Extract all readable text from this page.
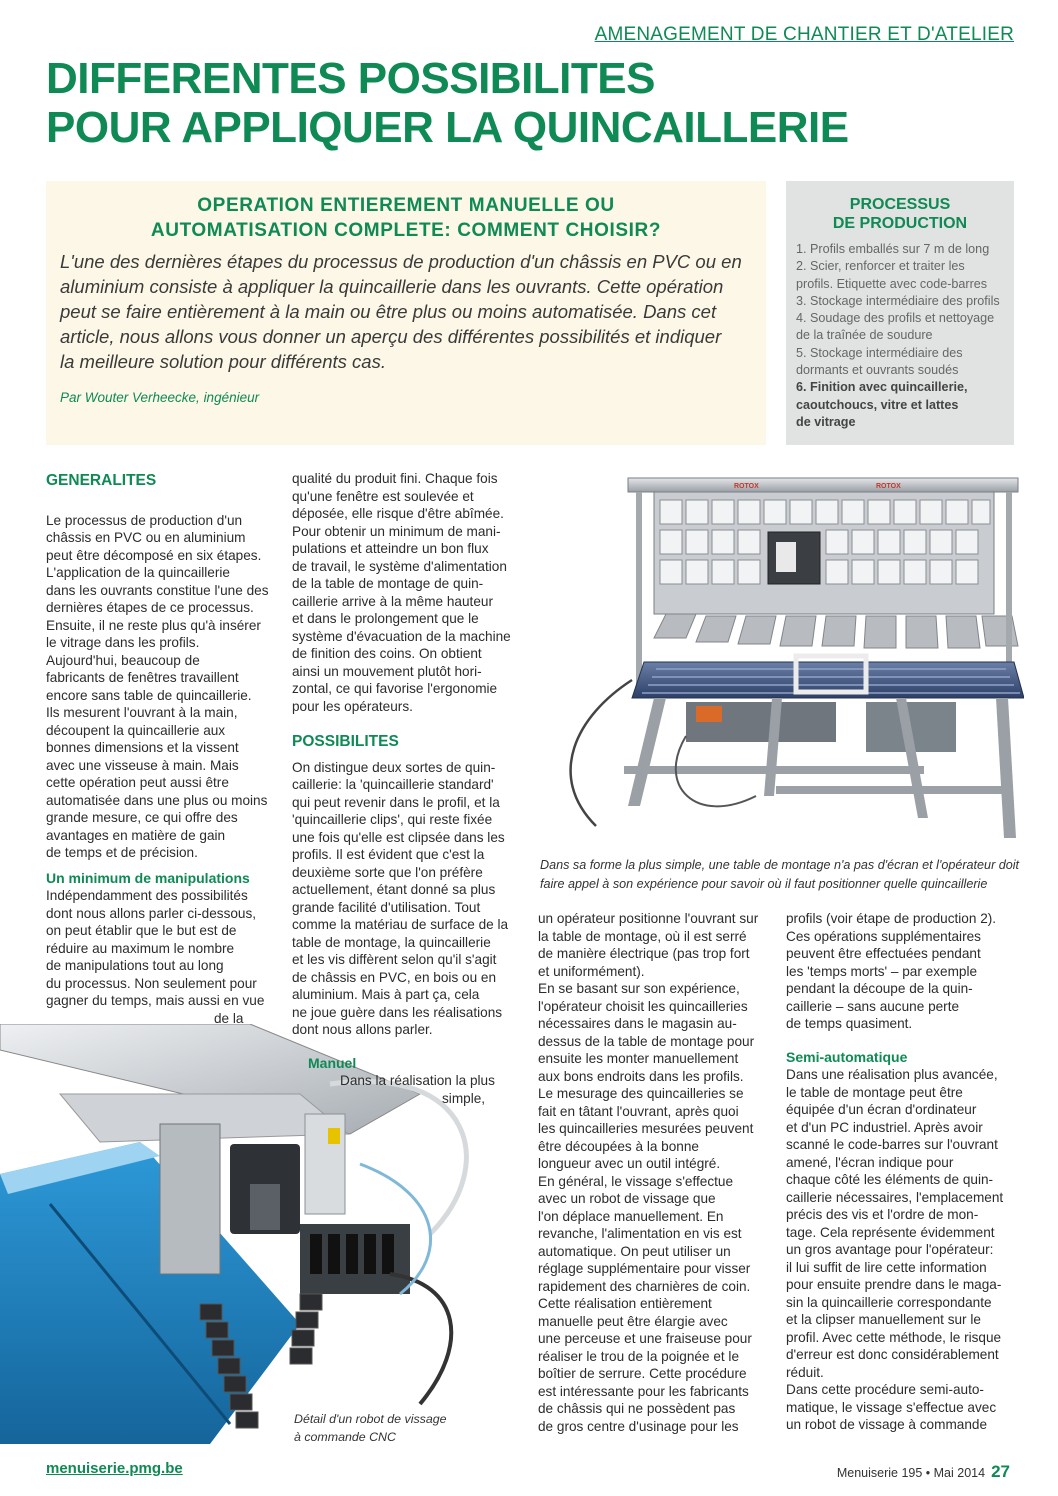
AMENAGEMENT DE CHANTIER ET D'ATELIER
DIFFERENTES POSSIBILITES
POUR APPLIQUER LA QUINCAILLERIE
OPERATION ENTIEREMENT MANUELLE OU
AUTOMATISATION COMPLETE: COMMENT CHOISIR?
L'une des dernières étapes du processus de production d'un châssis en PVC ou en
aluminium consiste à appliquer la quincaillerie dans les ouvrants. Cette opération
peut se faire entièrement à la main ou être plus ou moins automatisée. Dans cet
article, nous allons vous donner un aperçu des différentes possibilités et indiquer
la meilleure solution pour différents cas.
Par Wouter Verheecke, ingénieur
PROCESSUS
DE PRODUCTION
1. Profils emballés sur 7 m de long
2. Scier, renforcer et traiter les
profils. Etiquette avec code-barres
3. Stockage intermédiaire des profils
4. Soudage des profils et nettoyage
de la traînée de soudure
5. Stockage intermédiaire des
dormants et ouvrants soudés
6. Finition avec quincaillerie,
caoutchoucs, vitre et lattes
de vitrage
ROTOX	ROTOX
Dans sa forme la plus simple, une table de montage n'a pas d'écran et l'opérateur doit
faire appel à son expérience pour savoir où il faut positionner quelle quincaillerie
Détail d'un robot de vissage
à commande CNC
GENERALITES

Le processus de production d'un

châssis en PVC ou en aluminium

peut être décomposé en six étapes.

L'application de la quincaillerie

dans les ouvrants constitue l'une des

dernières étapes de ce processus.

Ensuite, il ne reste plus qu'à insérer

le vitrage dans les profils.

Aujourd'hui, beaucoup de

fabricants de fenêtres travaillent

encore sans table de quincaillerie.

Ils mesurent l'ouvrant à la main,

découpent la quincaillerie aux

bonnes dimensions et la vissent

avec une visseuse à main. Mais

cette opération peut aussi être

automatisée dans une plus ou moins

grande mesure, ce qui offre des

avantages en matière de gain

de temps et de précision.

Un minimum de manipulations

Indépendamment des possibilités

dont nous allons parler ci-dessous,

on peut établir que le but est de

réduire au maximum le nombre

de manipulations tout au long

du processus. Non seulement pour

gagner du temps, mais aussi en vue

de la

qualité du produit fini. Chaque fois

qu'une fenêtre est soulevée et

déposée, elle risque d'être abîmée.

Pour obtenir un minimum de mani-

pulations et atteindre un bon flux

de travail, le système d'alimentation

de la table de montage de quin-

caillerie arrive à la même hauteur

et dans le prolongement que le

système d'évacuation de la machine

de finition des coins. On obtient

ainsi un mouvement plutôt hori-

zontal, ce qui favorise l'ergonomie

pour les opérateurs.

POSSIBILITES

On distingue deux sortes de quin-

caillerie: la 'quincaillerie standard'

qui peut revenir dans le profil, et la

'quincaillerie clips', qui reste fixée

une fois qu'elle est clipsée dans les

profils. Il est évident que c'est la

deuxième sorte que l'on préfère

actuellement, étant donné sa plus

grande facilité d'utilisation. Tout

comme la matériau de surface de la

table de montage, la quincaillerie

et les vis diffèrent selon qu'il s'agit

de châssis en PVC, en bois ou en

aluminium. Mais à part ça, cela

ne joue guère dans les réalisations

dont nous allons parler.

Manuel

Dans la réalisation la plus

simple,

un opérateur positionne l'ouvrant sur

la table de montage, où il est serré

de manière électrique (pas trop fort

et uniformément).

En se basant sur son expérience,

l'opérateur choisit les quincailleries

nécessaires dans le magasin au-

dessus de la table de montage pour

ensuite les monter manuellement

aux bons endroits dans les profils.

Le mesurage des quincailleries se

fait en tâtant l'ouvrant, après quoi

les quincailleries mesurées peuvent

être découpées à la bonne

longueur avec un outil intégré.

En général, le vissage s'effectue

avec un robot de vissage que

l'on déplace manuellement. En

revanche, l'alimentation en vis est

automatique. On peut utiliser un

réglage supplémentaire pour visser

rapidement des charnières de coin.

Cette réalisation entièrement

manuelle peut être élargie avec

une perceuse et une fraiseuse pour

réaliser le trou de la poignée et le

boîtier de serrure. Cette procédure

est intéressante pour les fabricants

de châssis qui ne possèdent pas

de gros centre d'usinage pour les

profils (voir étape de production 2).

Ces opérations supplémentaires

peuvent être effectuées pendant

les 'temps morts' – par exemple

pendant la découpe de la quin-

caillerie – sans aucune perte

de temps quasiment.

Semi-automatique

Dans une réalisation plus avancée,

le table de montage peut être

équipée d'un écran d'ordinateur

et d'un PC industriel. Après avoir

scanné le code-barres sur l'ouvrant

amené, l'écran indique pour

chaque côté les éléments de quin-

caillerie nécessaires, l'emplacement

précis des vis et l'ordre de mon-

tage. Cela représente évidemment

un gros avantage pour l'opérateur:

il lui suffit de lire cette information

pour ensuite prendre dans le maga-

sin la quincaillerie correspondante

et la clipser manuellement sur le

profil. Avec cette méthode, le risque

d'erreur est donc considérablement

réduit.

Dans cette procédure semi-auto-

matique, le vissage s'effectue avec

un robot de vissage à commande

menuiserie.pmg.be	Menuiserie 195 • Mai 2014 27
